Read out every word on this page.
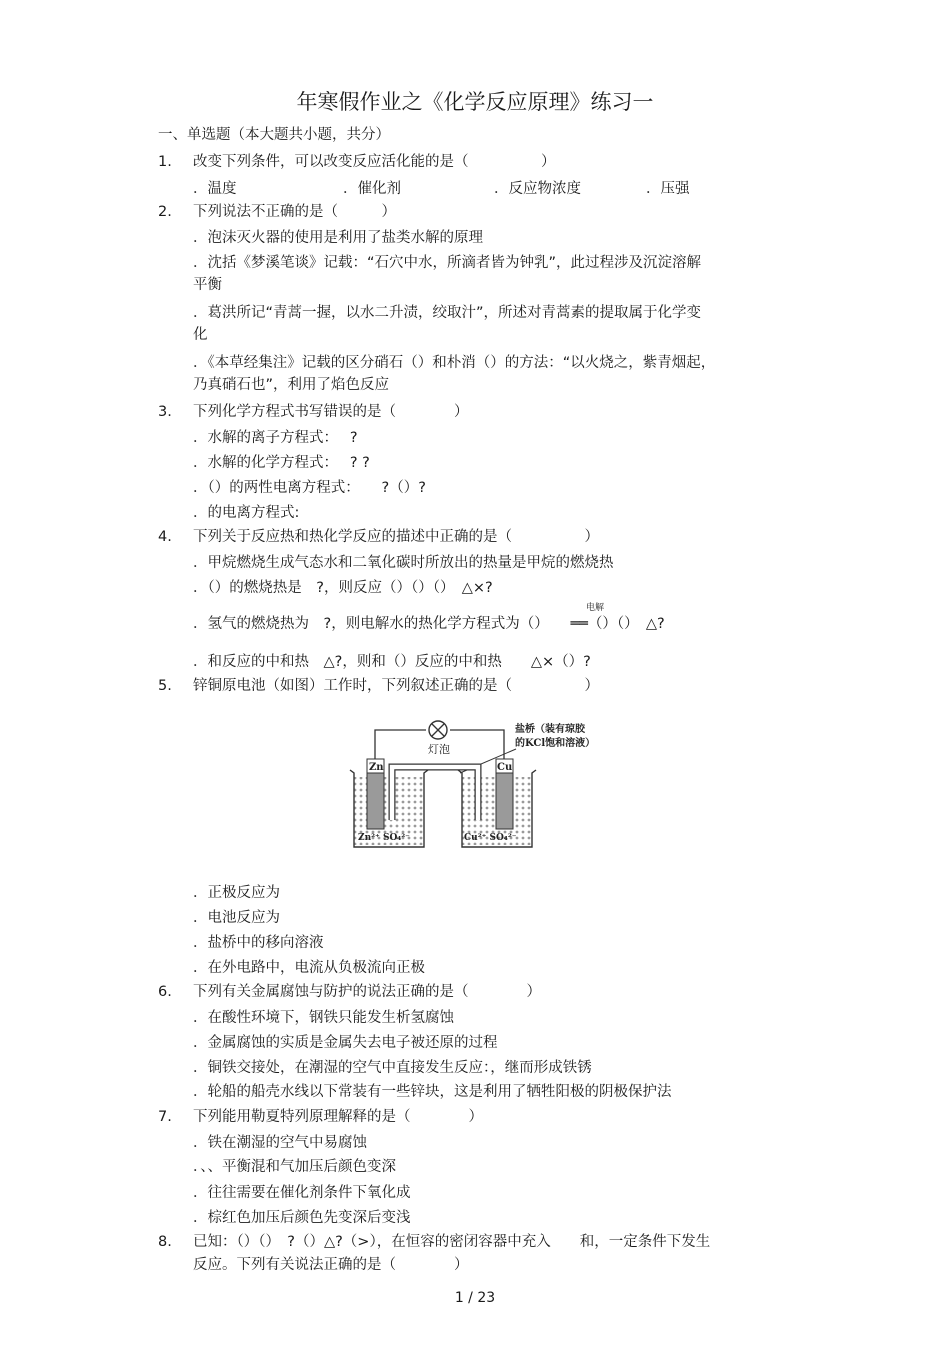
年寒假作业之《化学反应原理》练习一
一、单选题（本大题共小题，共分）
1. 改变下列条件，可以改变反应活化能的是（　　　　　）
．温度	．催化剂	．反应物浓度	．压强
2. 下列说法不正确的是（　　　）
．泡沫灭火器的使用是利用了盐类水解的原理
．沈括《梦溪笔谈》记载：“石穴中水，所滴者皆为钟乳”，此过程涉及沉淀溶解
平衡
．葛洪所记“青蒿一握，以水二升渍，绞取汁”，所述对青蒿素的提取属于化学变
化
．《本草经集注》记载的区分硝石（）和朴消（）的方法：“以火烧之，紫青烟起，
乃真硝石也”，利用了焰色反应
3. 下列化学方程式书写错误的是（　　　　）
．水解的离子方程式：　 ?
．水解的化学方程式：　 ? ?
．（）的两性电离方程式：　　?（）?
．的电离方程式:
4. 下列关于反应热和热化学反应的描述中正确的是（　　　　　）
．甲烷燃烧生成气态水和二氧化碳时所放出的热量是甲烷的燃烧热
．（）的燃烧热是　?，则反应（）（）（）　△×?
电解
．氢气的燃烧热为　?，则电解水的热化学方程式为（）　　══（）（）　△?
．和反应的中和热　△?，则和（）反应的中和热　　△×（）?
5. 锌铜原电池（如图）工作时，下列叙述正确的是（　　　　　）
灯泡
盐桥（装有琼胶
的KCl饱和溶液）
Zn	Cu
Zn²⁺ SO₄²⁻	Cu²⁺ SO₄²⁻
．正极反应为
．电池反应为
．盐桥中的移向溶液
．在外电路中，电流从负极流向正极
6. 下列有关金属腐蚀与防护的说法正确的是（　　　　）
．在酸性环境下，钢铁只能发生析氢腐蚀
．金属腐蚀的实质是金属失去电子被还原的过程
．铜铁交接处，在潮湿的空气中直接发生反应：，继而形成铁锈
．轮船的船壳水线以下常装有一些锌块，这是利用了牺牲阳极的阴极保护法
7. 下列能用勒夏特列原理解释的是（　　　　）
．铁在潮湿的空气中易腐蚀
．、、平衡混和气加压后颜色变深
．往往需要在催化剂条件下氧化成
．棕红色加压后颜色先变深后变浅
8. 已知：（）（）　?（）△?（>），在恒容的密闭容器中充入　　和，一定条件下发生
反应。下列有关说法正确的是（　　　　）
1 / 23
